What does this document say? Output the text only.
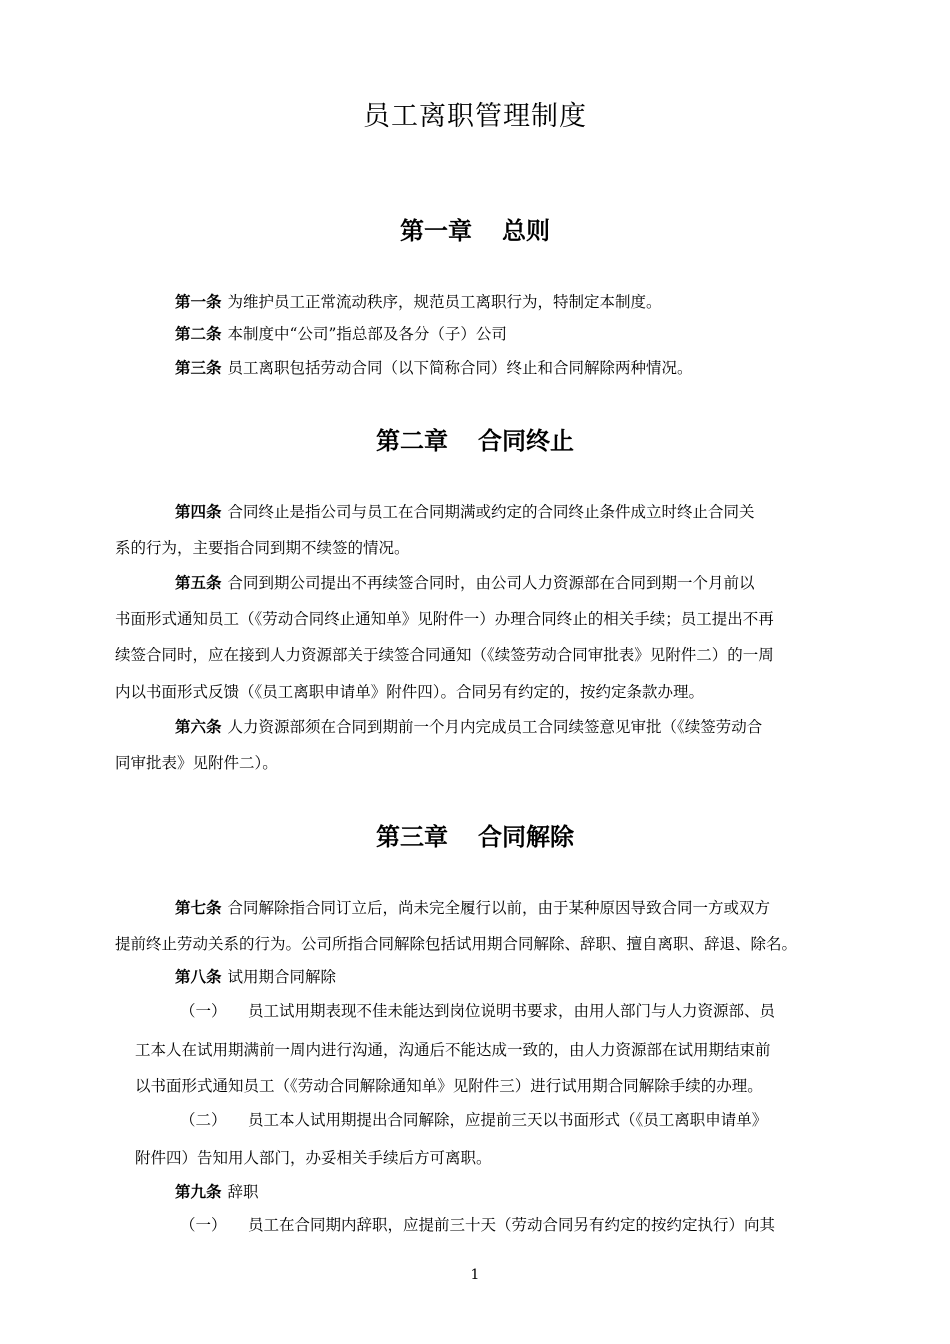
员工离职管理制度
第一章 总则
第一条 为维护员工正常流动秩序，规范员工离职行为，特制定本制度。
第二条 本制度中“公司”指总部及各分（子）公司
第三条 员工离职包括劳动合同（以下简称合同）终止和合同解除两种情况。
第二章 合同终止
第四条 合同终止是指公司与员工在合同期满或约定的合同终止条件成立时终止合同关
系的行为，主要指合同到期不续签的情况。
第五条 合同到期公司提出不再续签合同时，由公司人力资源部在合同到期一个月前以
书面形式通知员工（《劳动合同终止通知单》见附件一）办理合同终止的相关手续；员工提出不再
续签合同时，应在接到人力资源部关于续签合同通知（《续签劳动合同审批表》见附件二）的一周
内以书面形式反馈（《员工离职申请单》附件四）。合同另有约定的，按约定条款办理。
第六条 人力资源部须在合同到期前一个月内完成员工合同续签意见审批（《续签劳动合
同审批表》见附件二）。
第三章 合同解除
第七条 合同解除指合同订立后，尚未完全履行以前，由于某种原因导致合同一方或双方
提前终止劳动关系的行为。公司所指合同解除包括试用期合同解除、辞职、擅自离职、辞退、除名。
第八条 试用期合同解除
（一） 员工试用期表现不佳未能达到岗位说明书要求，由用人部门与人力资源部、员
工本人在试用期满前一周内进行沟通，沟通后不能达成一致的，由人力资源部在试用期结束前
以书面形式通知员工（《劳动合同解除通知单》见附件三）进行试用期合同解除手续的办理。
（二） 员工本人试用期提出合同解除，应提前三天以书面形式（《员工离职申请单》
附件四）告知用人部门，办妥相关手续后方可离职。
第九条 辞职
（一） 员工在合同期内辞职，应提前三十天（劳动合同另有约定的按约定执行）向其
1
